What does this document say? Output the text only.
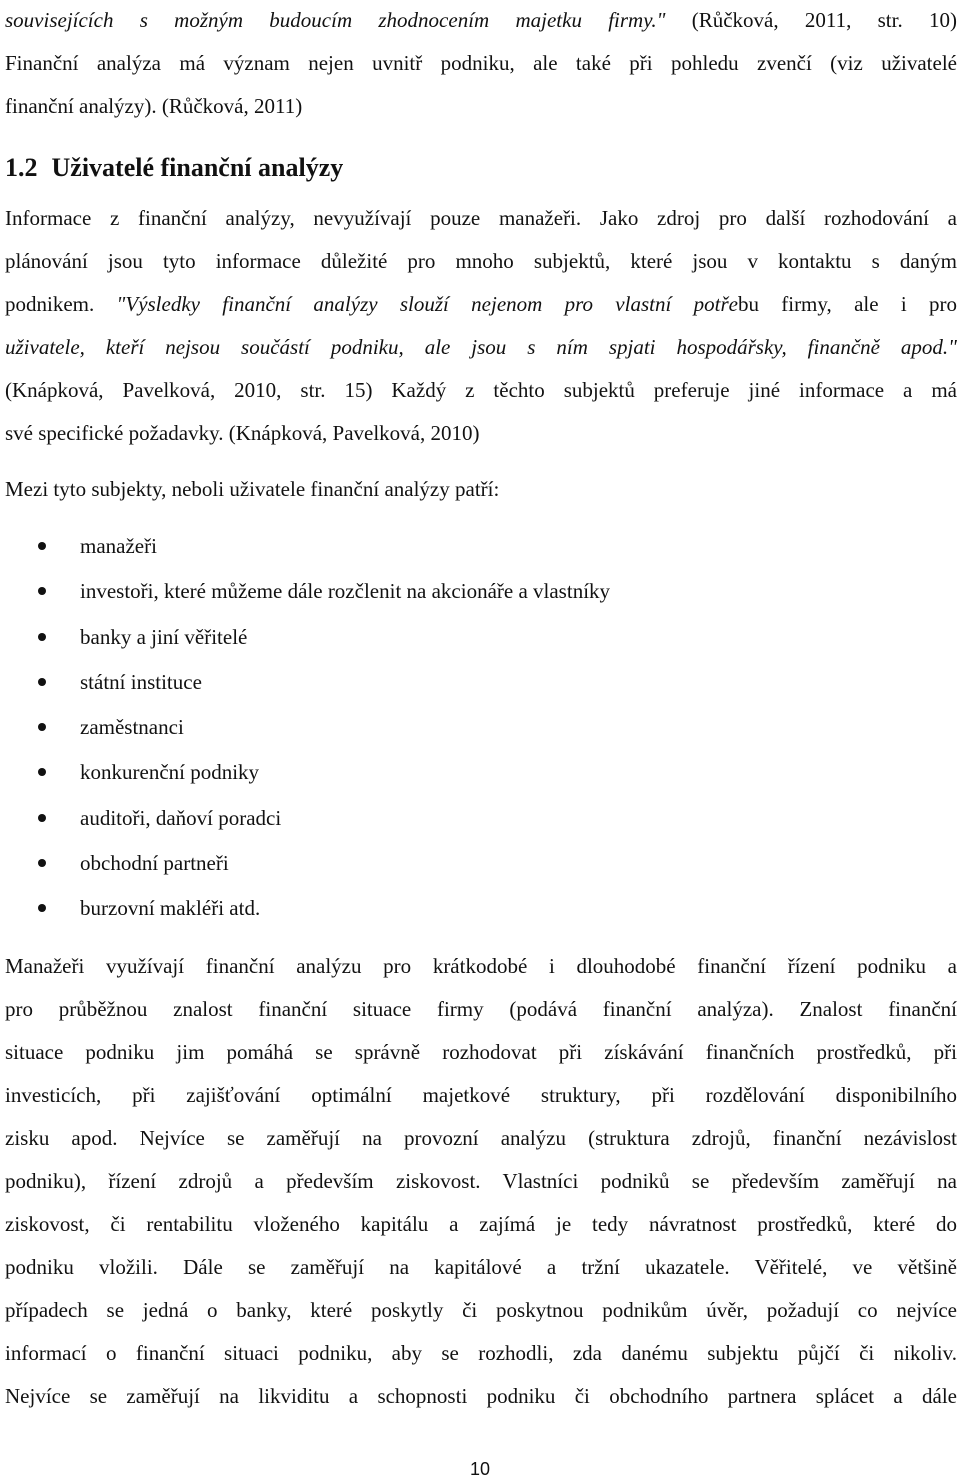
souvisejících s možným budoucím zhodnocením majetku firmy." (Růčková, 2011, str. 10)
Finanční analýza má význam nejen uvnitř podniku, ale také při pohledu zvenčí (viz uživatelé
finanční analýzy). (Růčková, 2011)
1.2 Uživatelé finanční analýzy
Informace z finanční analýzy, nevyužívají pouze manažeři. Jako zdroj pro další rozhodování a
plánování jsou tyto informace důležité pro mnoho subjektů, které jsou v kontaktu s daným
podnikem. "Výsledky finanční analýzy slouží nejenom pro vlastní potřebu firmy, ale i pro
uživatele, kteří nejsou součástí podniku, ale jsou s ním spjati hospodářsky, finančně apod."
(Knápková, Pavelková, 2010, str. 15) Každý z těchto subjektů preferuje jiné informace a má
své specifické požadavky. (Knápková, Pavelková, 2010)
Mezi tyto subjekty, neboli uživatele finanční analýzy patří:
manažeři
investoři, které můžeme dále rozčlenit na akcionáře a vlastníky
banky a jiní věřitelé
státní instituce
zaměstnanci
konkurenční podniky
auditoři, daňoví poradci
obchodní partneři
burzovní makléři atd.
Manažeři využívají finanční analýzu pro krátkodobé i dlouhodobé finanční řízení podniku a
pro průběžnou znalost finanční situace firmy (podává finanční analýza). Znalost finanční
situace podniku jim pomáhá se správně rozhodovat při získávání finančních prostředků, při
investicích, při zajišťování optimální majetkové struktury, při rozdělování disponibilního
zisku apod. Nejvíce se zaměřují na provozní analýzu (struktura zdrojů, finanční nezávislost
podniku), řízení zdrojů a především ziskovost. Vlastníci podniků se především zaměřují na
ziskovost, či rentabilitu vloženého kapitálu a zajímá je tedy návratnost prostředků, které do
podniku vložili. Dále se zaměřují na kapitálové a tržní ukazatele. Věřitelé, ve většině
případech se jedná o banky, které poskytly či poskytnou podnikům úvěr, požadují co nejvíce
informací o finanční situaci podniku, aby se rozhodli, zda danému subjektu půjčí či nikoliv.
Nejvíce se zaměřují na likviditu a schopnosti podniku či obchodního partnera splácet a dále
10
